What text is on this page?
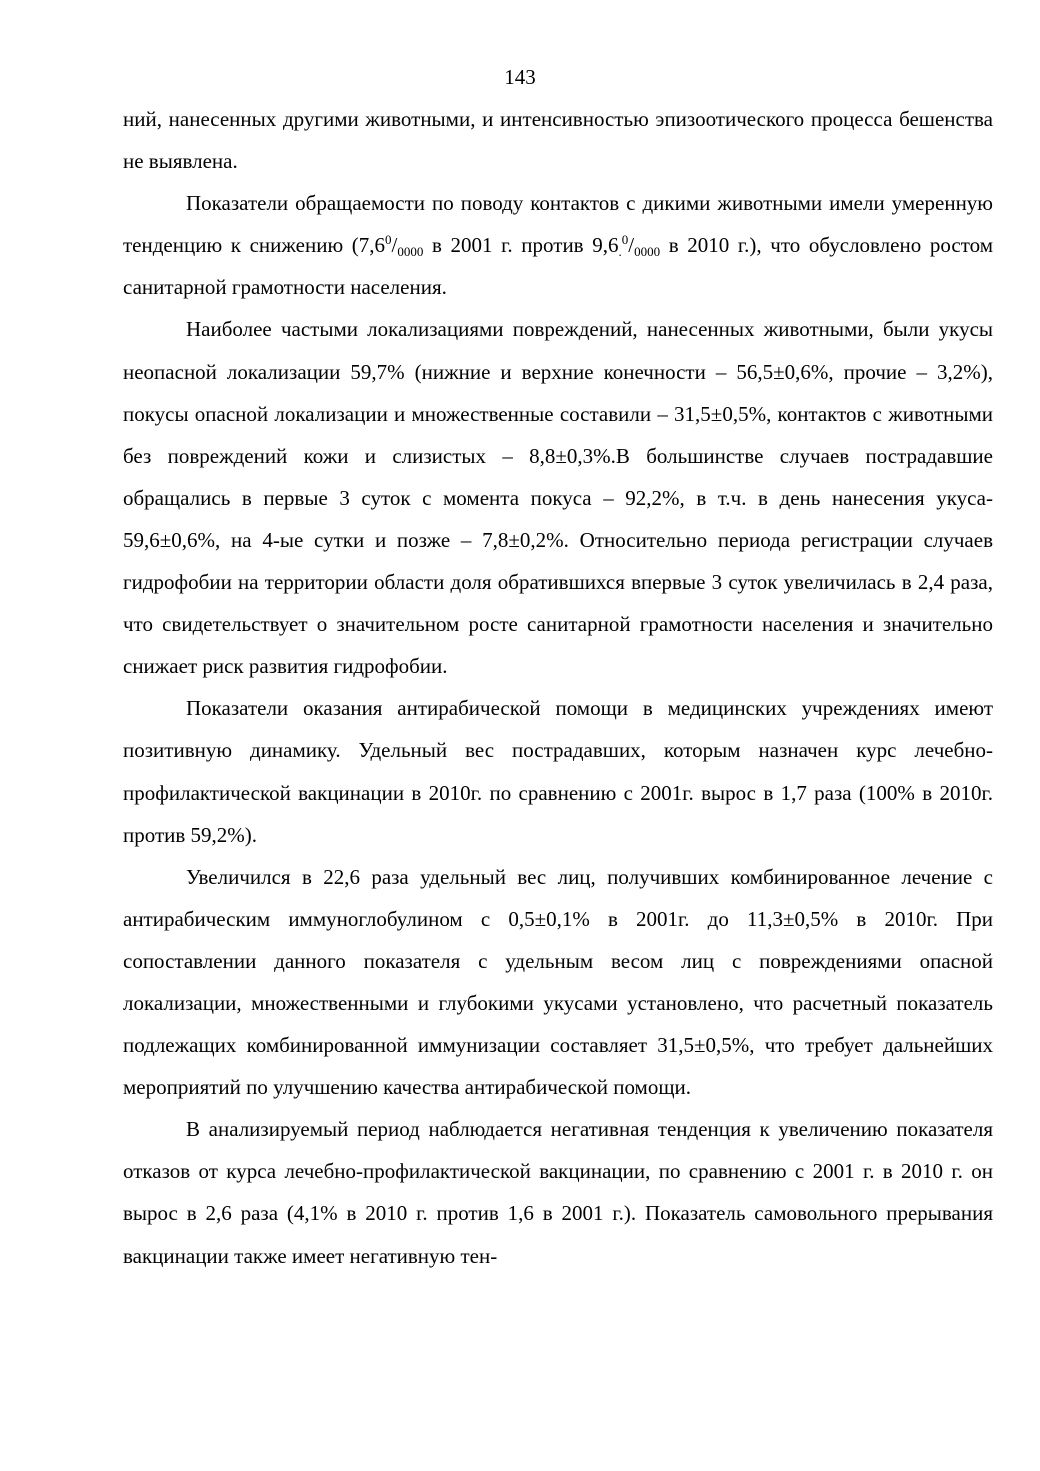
143

ний, нанесенных другими животными, и интенсивностью эпизоотического процесса бешенства не выявлена.

Показатели обращаемости по поводу контактов с дикими животными имели умеренную тенденцию к снижению ($7,6^0/_{0000}$ в 2001 г. против $9,6_.^0/_{0000}$ в 2010 г.), что обусловлено ростом санитарной грамотности населения.

Наиболее частыми локализациями повреждений, нанесенных животными, были укусы неопасной локализации 59,7% (нижние и верхние конечности – 56,5±0,6%, прочие – 3,2%), покусы опасной локализации и множественные составили – 31,5±0,5%, контактов с животными без повреждений кожи и слизистых – 8,8±0,3%.В большинстве случаев пострадавшие обращались в первые 3 суток с момента покуса – 92,2%, в т.ч. в день нанесения укуса- 59,6±0,6%, на 4-ые сутки и позже – 7,8±0,2%. Относительно периода регистрации случаев гидрофобии на территории области доля обратившихся впервые 3 суток увеличилась в 2,4 раза, что свидетельствует о значительном росте санитарной грамотности населения и значительно снижает риск развития гидрофобии.

Показатели оказания антирабической помощи в медицинских учреждениях имеют позитивную динамику. Удельный вес пострадавших, которым назначен курс лечебно-профилактической вакцинации в 2010г. по сравнению с 2001г. вырос в 1,7 раза (100% в 2010г. против 59,2%).

Увеличился в 22,6 раза удельный вес лиц, получивших комбинированное лечение с антирабическим иммуноглобулином с 0,5±0,1% в 2001г. до 11,3±0,5% в 2010г. При сопоставлении данного показателя с удельным весом лиц с повреждениями опасной локализации, множественными и глубокими укусами установлено, что расчетный показатель подлежащих комбинированной иммунизации составляет 31,5±0,5%, что требует дальнейших мероприятий по улучшению качества антирабической помощи.

В анализируемый период наблюдается негативная тенденция к увеличению показателя отказов от курса лечебно-профилактической вакцинации, по сравнению с 2001 г. в 2010 г. он вырос в 2,6 раза (4,1% в 2010 г. против 1,6 в 2001 г.). Показатель самовольного прерывания вакцинации также имеет негативную тен-
